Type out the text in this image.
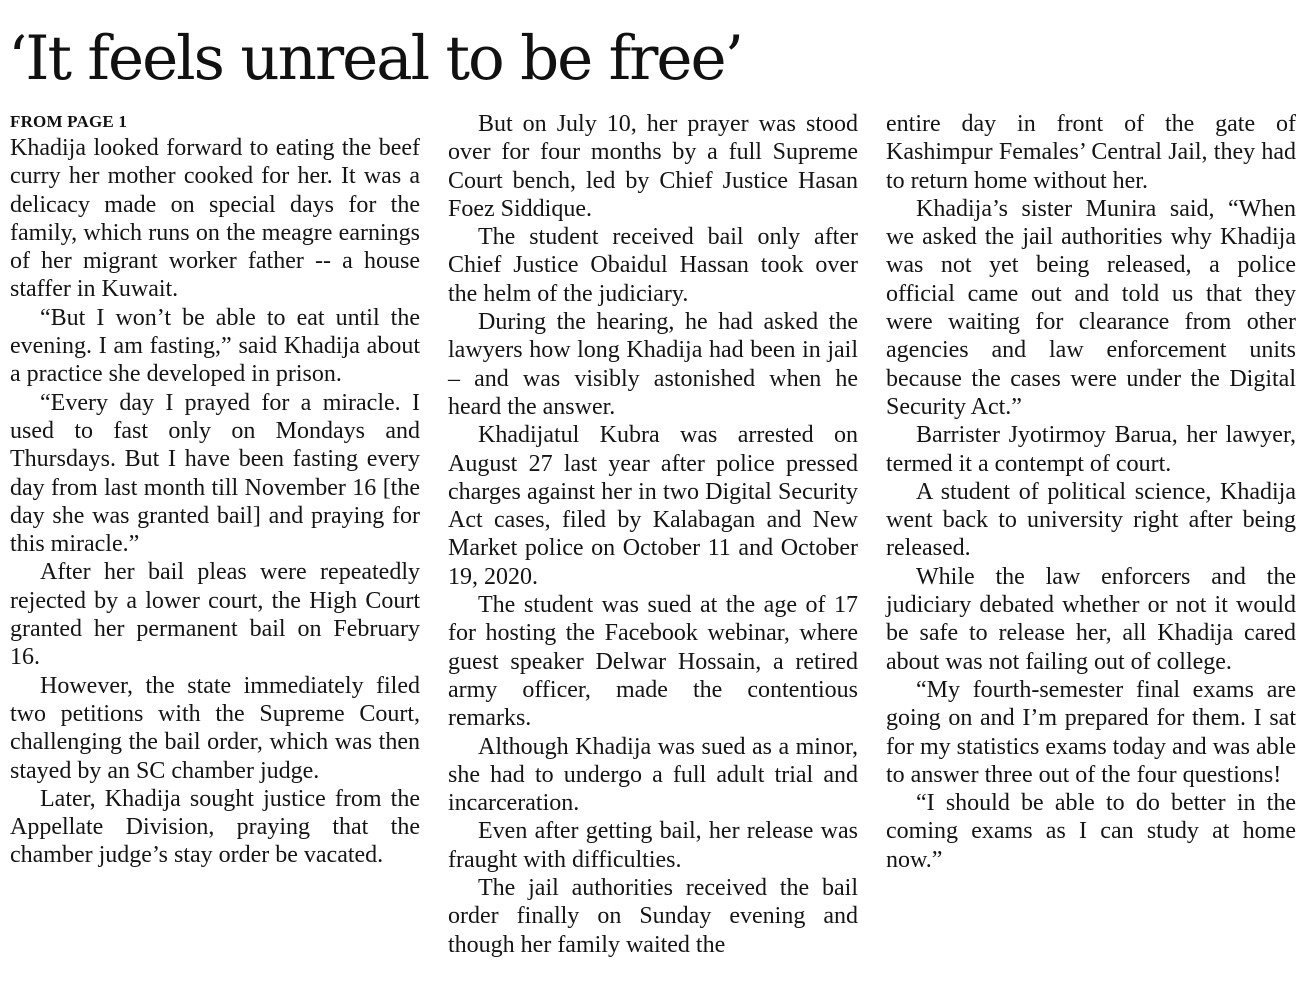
‘It feels unreal to be free’
FROM PAGE 1

Khadija looked forward to eating the beef curry her mother cooked for her. It was a delicacy made on special days for the family, which runs on the meagre earnings of her migrant worker father -- a house staffer in Kuwait.

“But I won’t be able to eat until the evening. I am fasting,” said Khadija about a practice she developed in prison.

“Every day I prayed for a miracle. I used to fast only on Mondays and Thursdays. But I have been fasting every day from last month till November 16 [the day she was granted bail] and praying for this miracle.”

After her bail pleas were repeatedly rejected by a lower court, the High Court granted her permanent bail on February 16.

However, the state immediately filed two petitions with the Supreme Court, challenging the bail order, which was then stayed by an SC chamber judge.

Later, Khadija sought justice from the Appellate Division, praying that the chamber judge’s stay order be vacated.

But on July 10, her prayer was stood over for four months by a full Supreme Court bench, led by Chief Justice Hasan Foez Siddique.

The student received bail only after Chief Justice Obaidul Hassan took over the helm of the judiciary.

During the hearing, he had asked the lawyers how long Khadija had been in jail – and was visibly astonished when he heard the answer.

Khadijatul Kubra was arrested on August 27 last year after police pressed charges against her in two Digital Security Act cases, filed by Kalabagan and New Market police on October 11 and October 19, 2020.

The student was sued at the age of 17 for hosting the Facebook webinar, where guest speaker Delwar Hossain, a retired army officer, made the contentious remarks.

Although Khadija was sued as a minor, she had to undergo a full adult trial and incarceration.

Even after getting bail, her release was fraught with difficulties.

The jail authorities received the bail order finally on Sunday evening and though her family waited the

entire day in front of the gate of Kashimpur Females’ Central Jail, they had to return home without her.

Khadija’s sister Munira said, “When we asked the jail authorities why Khadija was not yet being released, a police official came out and told us that they were waiting for clearance from other agencies and law enforcement units because the cases were under the Digital Security Act.”

Barrister Jyotirmoy Barua, her lawyer, termed it a contempt of court.

A student of political science, Khadija went back to university right after being released.

While the law enforcers and the judiciary debated whether or not it would be safe to release her, all Khadija cared about was not failing out of college.

“My fourth-semester final exams are going on and I’m prepared for them. I sat for my statistics exams today and was able to answer three out of the four questions!

“I should be able to do better in the coming exams as I can study at home now.”
